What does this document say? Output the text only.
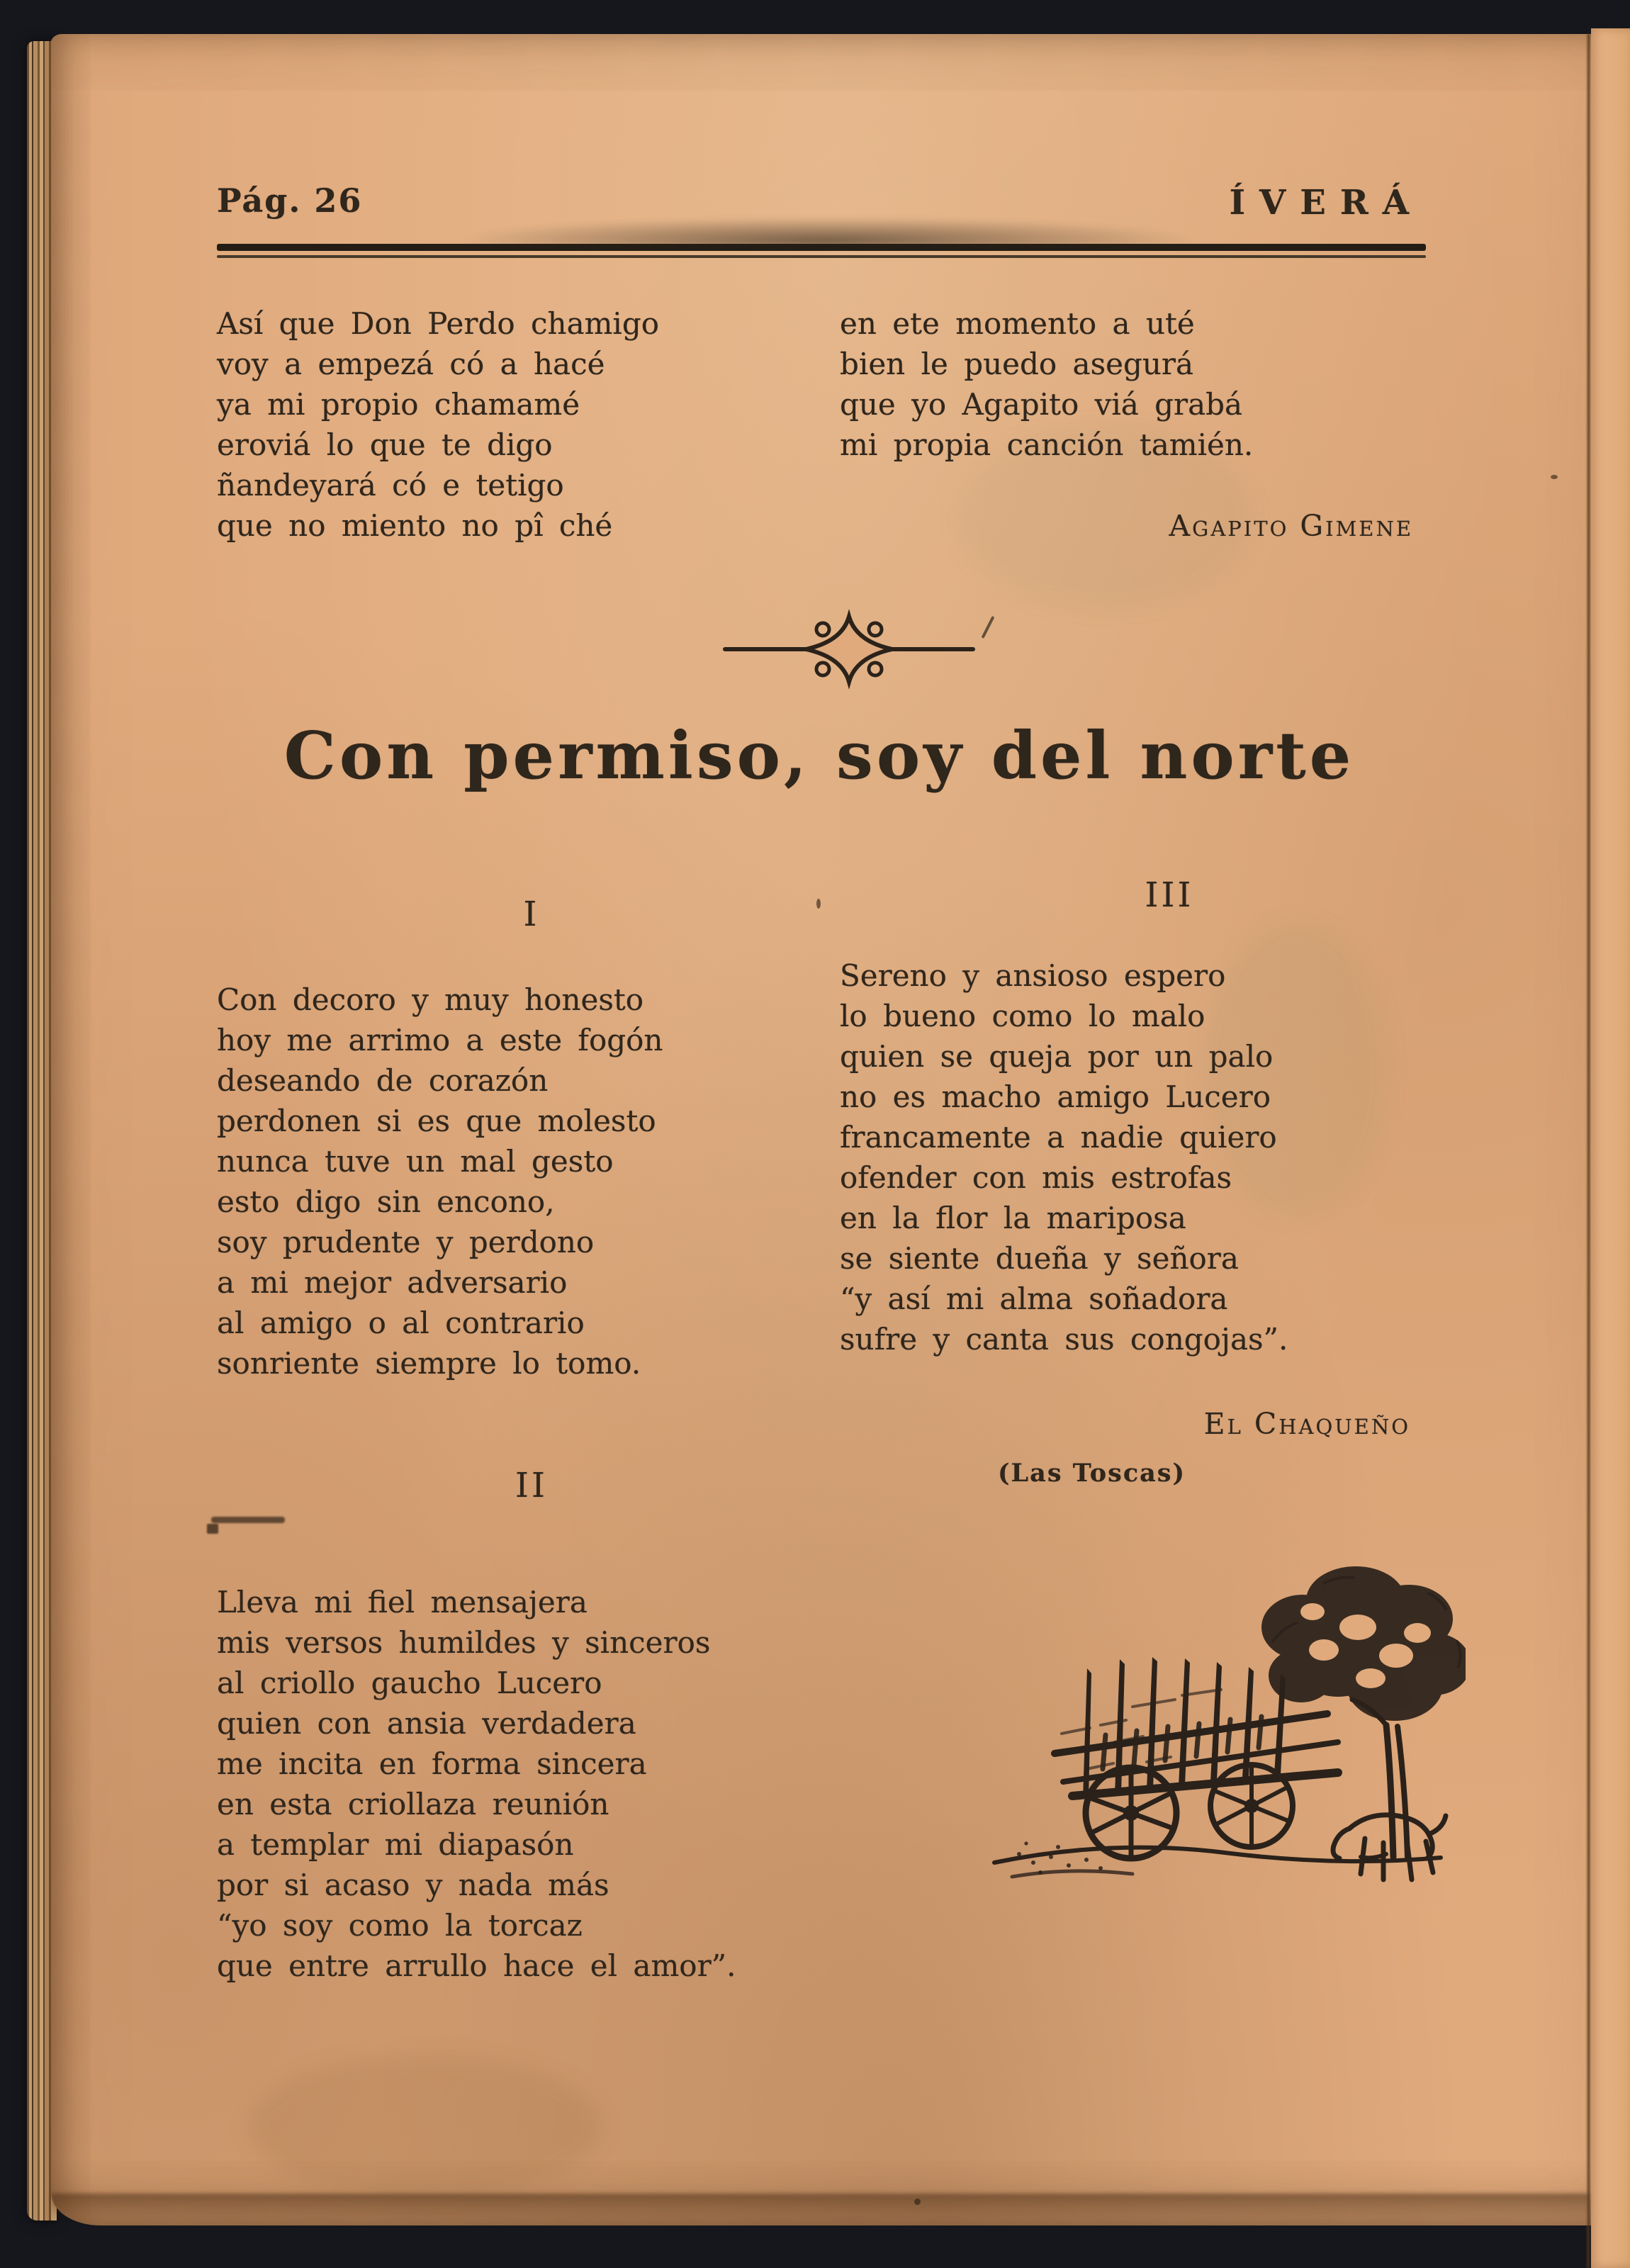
Pág. 26	ÍVERÁ
Así que Don Perdo chamigo
voy a empezá có a hacé
ya mi propio chamamé
eroviá lo que te digo
ñandeyará có e tetigo
que no miento no pî ché
en ete momento a uté
bien le puedo asegurá
que yo Agapito viá grabá
mi propia canción tamién.
Agapito Gimene
Con permiso, soy del norte
I
Con decoro y muy honesto
hoy me arrimo a este fogón
deseando de corazón
perdonen si es que molesto
nunca tuve un mal gesto
esto digo sin encono,
soy prudente y perdono
a mi mejor adversario
al amigo o al contrario
sonriente siempre lo tomo.
II
Lleva mi fiel mensajera
mis versos humildes y sinceros
al criollo gaucho Lucero
quien con ansia verdadera
me incita en forma sincera
en esta criollaza reunión
a templar mi diapasón
por si acaso y nada más
“yo soy como la torcaz
que entre arrullo hace el amor”.
III
Sereno y ansioso espero
lo bueno como lo malo
quien se queja por un palo
no es macho amigo Lucero
francamente a nadie quiero
ofender con mis estrofas
en la flor la mariposa
se siente dueña y señora
“y así mi alma soñadora
sufre y canta sus congojas”.
El Chaqueño
(Las Toscas)
